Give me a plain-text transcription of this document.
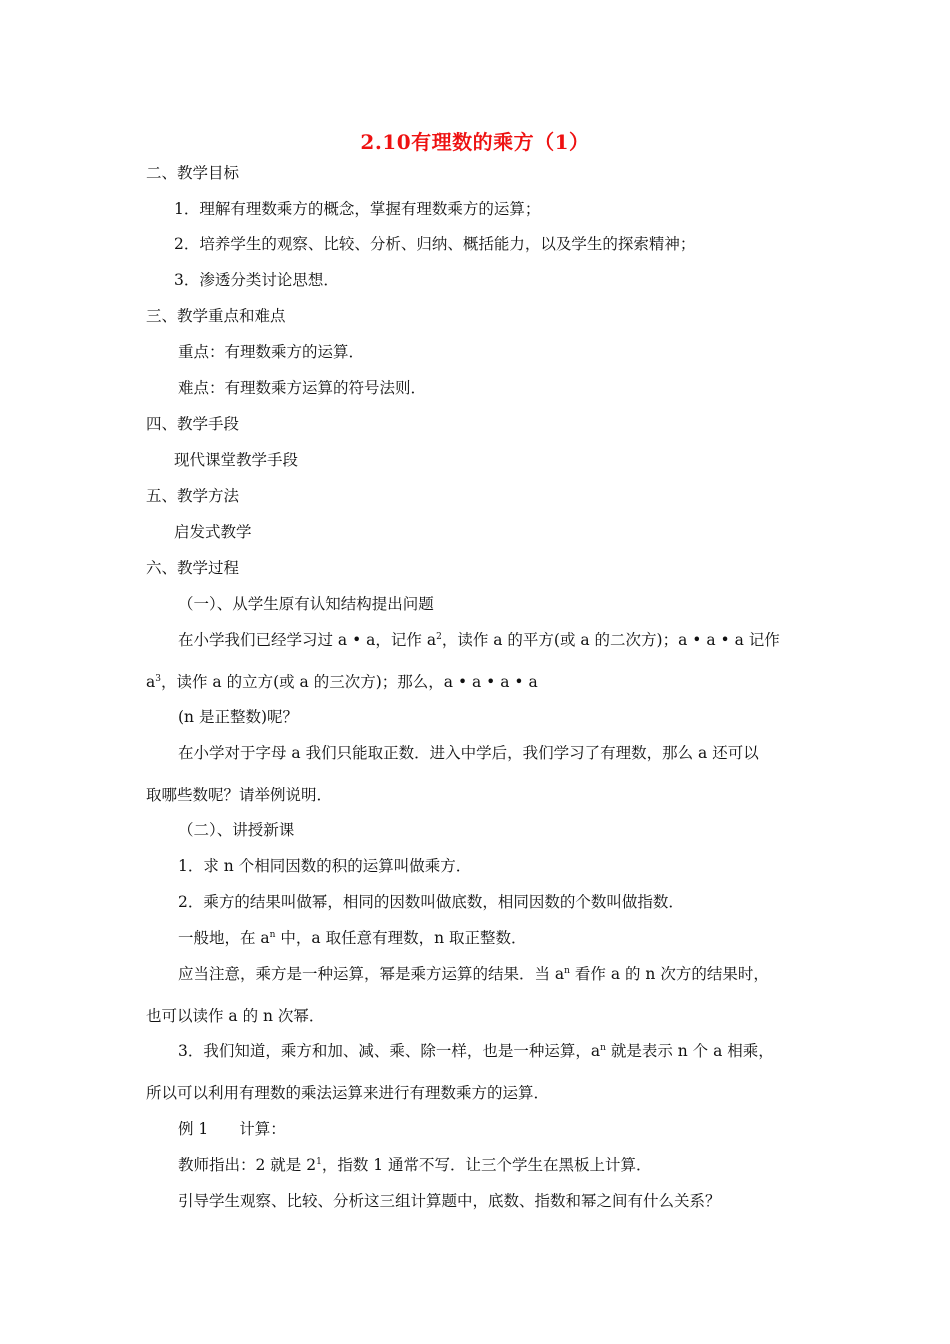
2.10有理数的乘方（1）
二、教学目标
1．理解有理数乘方的概念，掌握有理数乘方的运算；
2．培养学生的观察、比较、分析、归纳、概括能力，以及学生的探索精神；
3．渗透分类讨论思想．
三、教学重点和难点
重点：有理数乘方的运算．
难点：有理数乘方运算的符号法则．
四、教学手段
现代课堂教学手段
五、教学方法
启发式教学
六、教学过程
（一）、从学生原有认知结构提出问题
在小学我们已经学习过 a • a，记作 $a^2$，读作 a 的平方(或 a 的二次方)；a • a • a 记作
$a^3$，读作 a 的立方(或 a 的三次方)；那么，a • a • a • a
(n 是正整数)呢？
在小学对于字母 a 我们只能取正数．进入中学后，我们学习了有理数，那么 a 还可以
取哪些数呢？请举例说明．
（二）、讲授新课
1．求 n 个相同因数的积的运算叫做乘方．
2．乘方的结果叫做幂，相同的因数叫做底数，相同因数的个数叫做指数．
一般地，在 $a^n$ 中，a 取任意有理数，n 取正整数．
应当注意，乘方是一种运算，幂是乘方运算的结果．当 $a^n$ 看作 a 的 n 次方的结果时，
也可以读作 a 的 n 次幂．
3．我们知道，乘方和加、减、乘、除一样，也是一种运算，$a^n$ 就是表示 n 个 a 相乘，
所以可以利用有理数的乘法运算来进行有理数乘方的运算．
例 1　　计算：
教师指出：2 就是 $2^1$，指数 1 通常不写．让三个学生在黑板上计算．
引导学生观察、比较、分析这三组计算题中，底数、指数和幂之间有什么关系？
